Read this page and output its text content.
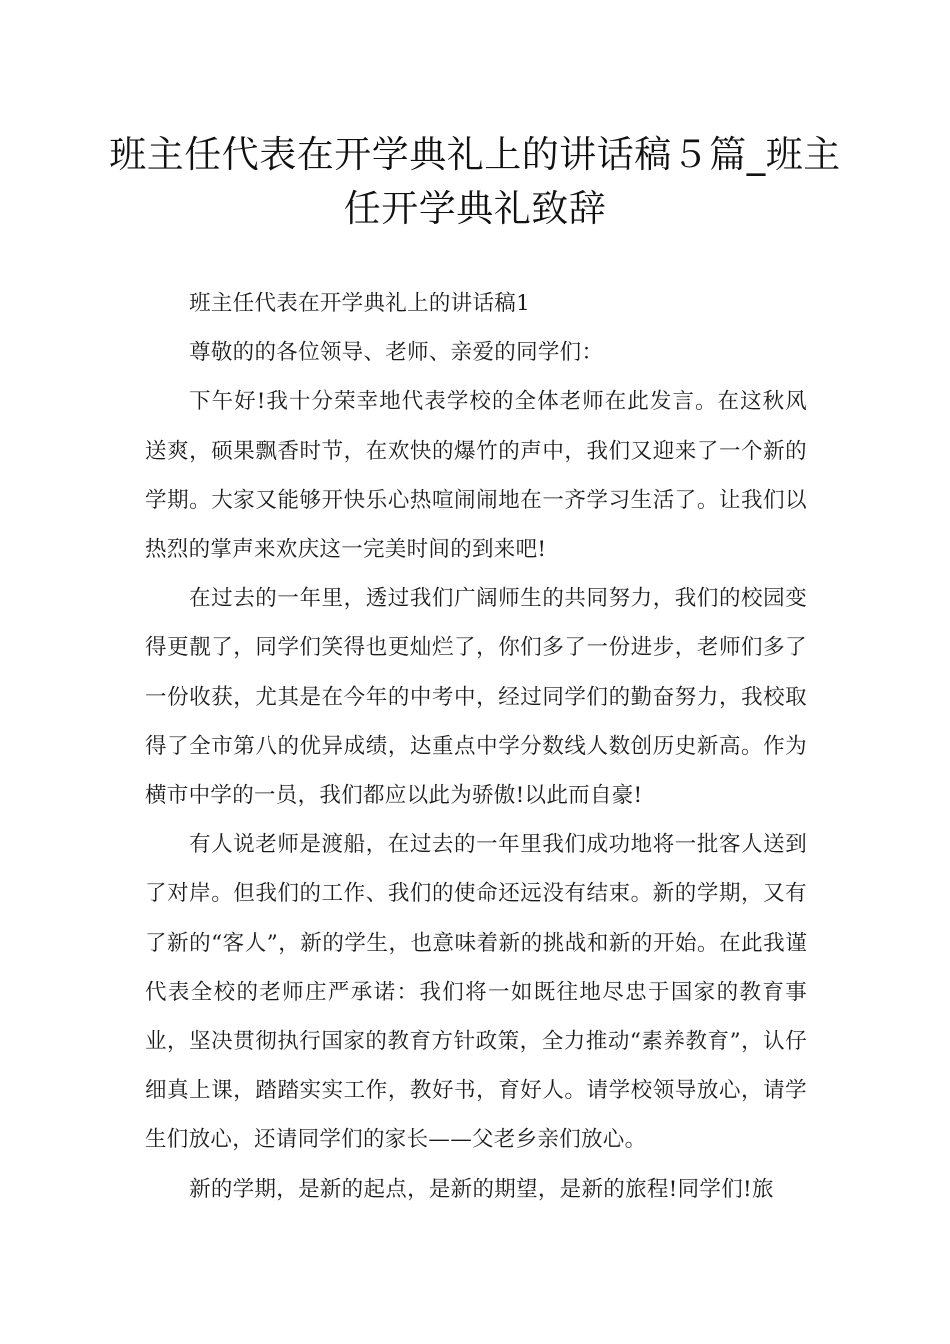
班主任代表在开学典礼上的讲话稿５篇_班主任开学典礼致辞

班主任代表在开学典礼上的讲话稿1

尊敬的的各位领导、老师、亲爱的同学们：

下午好!我十分荣幸地代表学校的全体老师在此发言。在这秋风送爽，硕果飘香时节，在欢快的爆竹的声中，我们又迎来了一个新的学期。大家又能够开快乐心热喧闹闹地在一齐学习生活了。让我们以热烈的掌声来欢庆这一完美时间的到来吧!

在过去的一年里，透过我们广阔师生的共同努力，我们的校园变得更靓了，同学们笑得也更灿烂了，你们多了一份进步，老师们多了一份收获，尤其是在今年的中考中，经过同学们的勤奋努力，我校取得了全市第八的优异成绩，达重点中学分数线人数创历史新高。作为横市中学的一员，我们都应以此为骄傲!以此而自豪!

有人说老师是渡船，在过去的一年里我们成功地将一批客人送到了对岸。但我们的工作、我们的使命还远没有结束。新的学期，又有了新的“客人”，新的学生，也意味着新的挑战和新的开始。在此我谨代表全校的老师庄严承诺：我们将一如既往地尽忠于国家的教育事业，坚决贯彻执行国家的教育方针政策，全力推动“素养教育”，认仔细真上课，踏踏实实工作，教好书，育好人。请学校领导放心，请学生们放心，还请同学们的家长——父老乡亲们放心。

新的学期，是新的起点，是新的期望，是新的旅程!同学们!旅
